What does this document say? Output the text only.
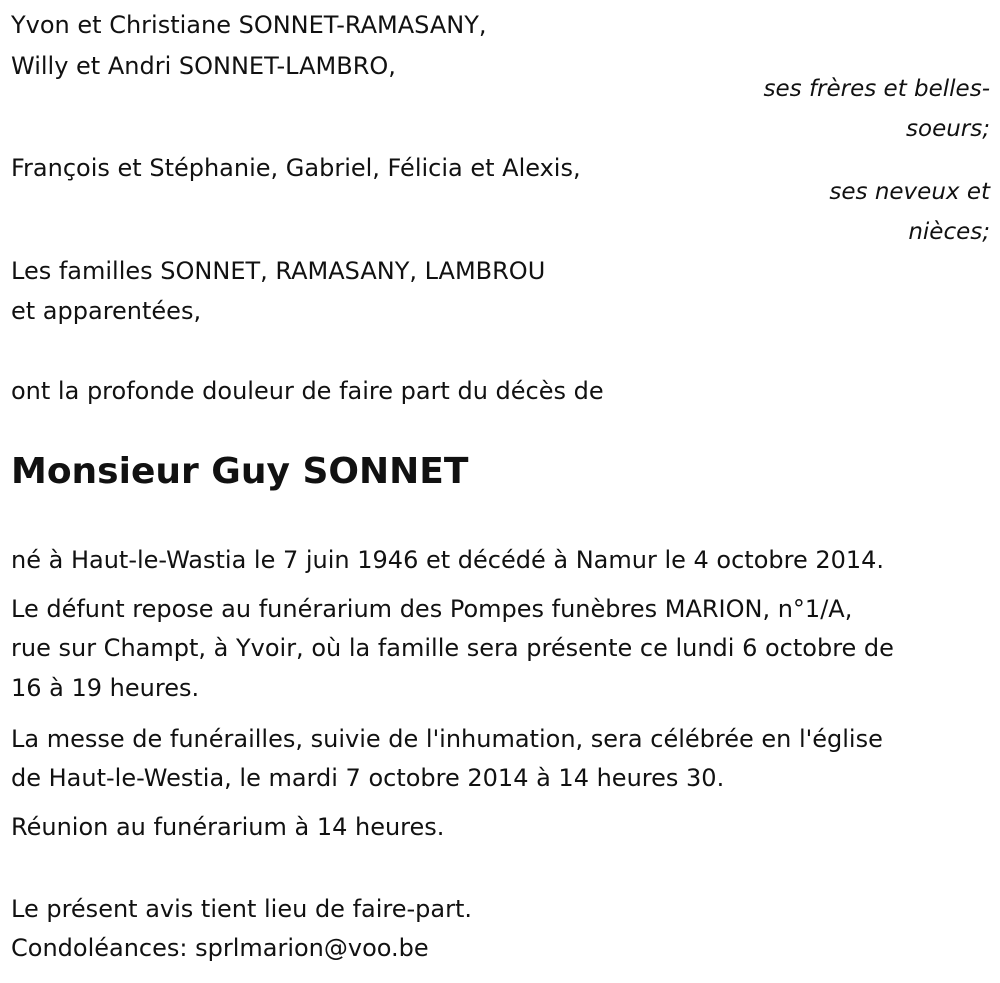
Yvon et Christiane SONNET-RAMASANY,

Willy et Andri SONNET-LAMBRO,

ses frères et belles-

soeurs;

François et Stéphanie, Gabriel, Félicia et Alexis,

ses neveux et

nièces;

Les familles SONNET, RAMASANY, LAMBROU

et apparentées,

ont la profonde douleur de faire part du décès de

Monsieur Guy SONNET

né à Haut-le-Wastia le 7 juin 1946 et décédé à Namur le 4 octobre 2014.

Le défunt repose au funérarium des Pompes funèbres MARION, n°1/A,

rue sur Champt, à Yvoir, où la famille sera présente ce lundi 6 octobre de

16 à 19 heures.

La messe de funérailles, suivie de l'inhumation, sera célébrée en l'église

de Haut-le-Westia, le mardi 7 octobre 2014 à 14 heures 30.

Réunion au funérarium à 14 heures.

Le présent avis tient lieu de faire-part.

Condoléances: sprlmarion@voo.be
